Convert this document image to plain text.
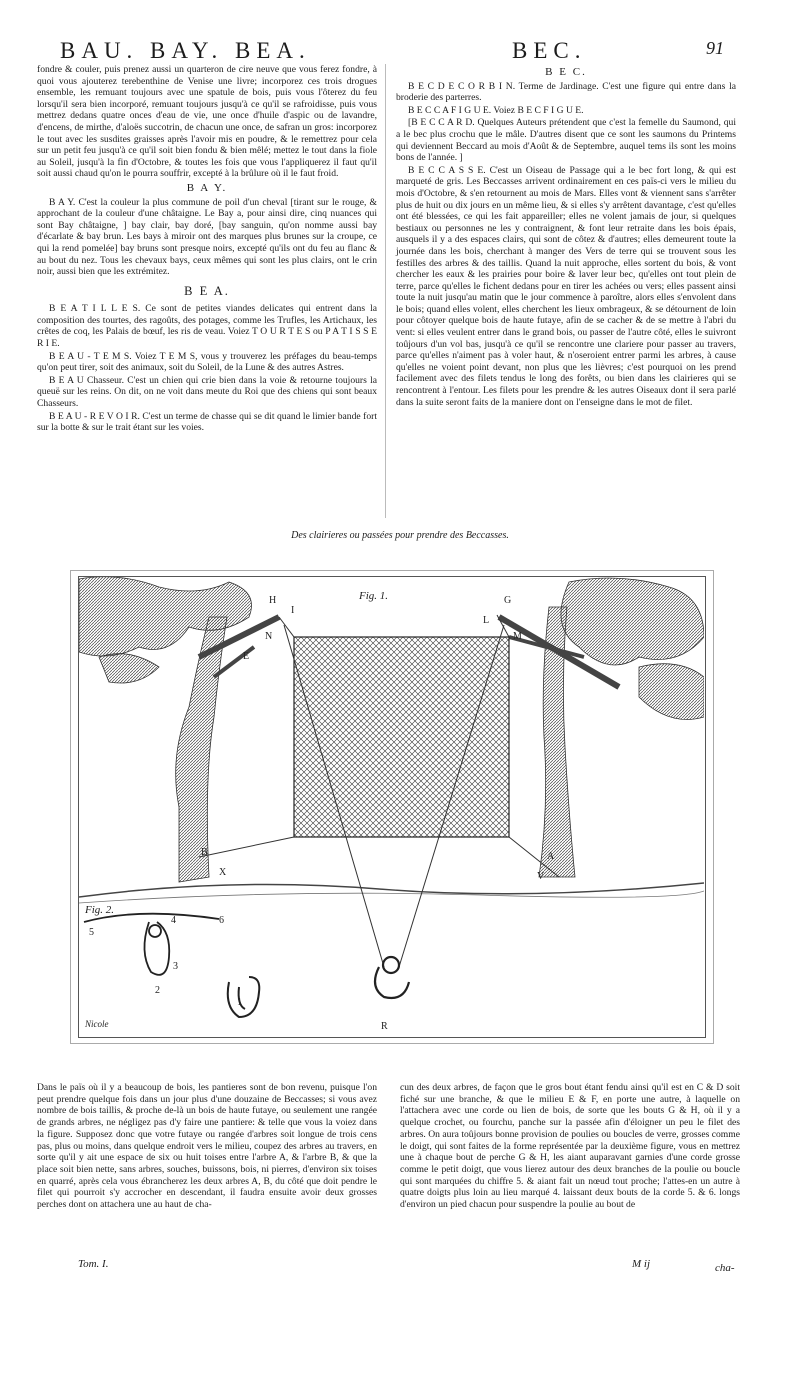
BAU. BAY. BEA.	BEC.	91

fondre & couler, puis prenez aussi un quarteron de cire neuve que vous ferez fondre, à quoi vous ajouterez terebenthine de Venise une livre; incorporez ces trois drogues ensemble, les remuant toujours avec une spatule de bois, puis vous l'ôterez du feu lorsqu'il sera bien incorporé, remuant toujours jusqu'à ce qu'il se rafroidisse, puis vous mettrez dedans quatre onces d'eau de vie, une once d'huile d'aspic ou de lavandre, d'encens, de mirthe, d'aloës succotrin, de chacun une once, de safran un gros: incorporez le tout avec les susdites graisses après l'avoir mis en poudre, & le remettrez pour cela sur un petit feu jusqu'à ce qu'il soit bien fondu & bien mêlé; mettez le tout dans la fiole au Soleil, jusqu'à la fin d'Octobre, & toutes les fois que vous l'appliquerez il faut qu'il soit aussi chaud qu'on le pourra souffrir, excepté à la brûlure où il le faut froid.

B A Y.

B A Y. C'est la couleur la plus commune de poil d'un cheval [tirant sur le rouge, & approchant de la couleur d'une châtaigne. Le Bay a, pour ainsi dire, cinq nuances qui sont Bay châtaigne, ] bay clair, bay doré, [bay sanguin, qu'on nomme aussi bay d'écarlate & bay brun. Les bays à miroir ont des marques plus brunes sur la croupe, ce qui la rend pomelée] bay bruns sont presque noirs, excepté qu'ils ont du feu au flanc & au bout du nez. Tous les chevaux bays, ceux mêmes qui sont les plus clairs, ont le crin noir, aussi bien que les extrémitez.

B E A.

B E A T I L L E S. Ce sont de petites viandes delicates qui entrent dans la composition des tourtes, des ragoûts, des potages, comme les Trufles, les Artichaux, les crêtes de coq, les Palais de bœuf, les ris de veau. Voiez T O U R T E S ou P A T I S S E R I E.

B E A U - T E M S. Voiez T E M S, vous y trouverez les préfages du beau-temps qu'on peut tirer, soit des animaux, soit du Soleil, de la Lune & des autres Astres.

B E A U Chasseur. C'est un chien qui crie bien dans la voie & retourne toujours la queuë sur les reins. On dit, on ne voit dans meute du Roi que des chiens qui sont beaux Chasseurs.

B E A U - R E V O I R. C'est un terme de chasse qui se dit quand le limier bande fort sur la botte & sur le trait étant sur les voies.

B E C.

B E C D E C O R B I N. Terme de Jardinage. C'est une figure qui entre dans la broderie des parterres.

B E C C A F I G U E. Voiez B E C F I G U E.

[B E C C A R D. Quelques Auteurs prétendent que c'est la femelle du Saumond, qui a le bec plus crochu que le mâle. D'autres disent que ce sont les saumons du Printems qui deviennent Beccard au mois d'Août & de Septembre, auquel tems ils sont les moins bons de l'année. ]

B E C C A S S E. C'est un Oiseau de Passage qui a le bec fort long, & qui est marqueté de gris. Les Beccasses arrivent ordinairement en ces païs-ci vers le milieu du mois d'Octobre, & s'en retournent au mois de Mars. Elles vont & viennent sans s'arrêter plus de huit ou dix jours en un même lieu, & si elles s'y arrêtent davantage, c'est qu'elles ont été blessées, ce qui les fait appareiller; elles ne volent jamais de jour, si quelques bestiaux ou personnes ne les y contraignent, & font leur retraite dans les bois épais, ausquels il y a des espaces clairs, qui sont de côtez & d'autres; elles demeurent toute la journée dans les bois, cherchant à manger des Vers de terre qui se trouvent sous les festilles des arbres & des taillis. Quand la nuit approche, elles sortent du bois, & vont chercher les eaux & les prairies pour boire & laver leur bec, qu'elles ont tout plein de terre, parce qu'elles le fichent dedans pour en tirer les achées ou vers; elles passent ainsi toute la nuit jusqu'au matin que le jour commence à paroître, alors elles s'envolent dans le bois; quand elles volent, elles cherchent les lieux ombrageux, & se détournent de loin pour côtoyer quelque bois de haute futaye, afin de se cacher & de se mettre à l'abri du vent: si elles veulent entrer dans le grand bois, ou passer de l'autre côté, elles le suivront toûjours d'un vol bas, jusqu'à ce qu'il se rencontre une clariere pour passer au travers, parce qu'elles n'aiment pas à voler haut, & n'oseroient entrer parmi les arbres, à cause qu'elles ne voient point devant, non plus que les lièvres; c'est pourquoi on les prend facilement avec des filets tendus le long des forêts, ou bien dans les clairieres qui se rencontrent à l'entour. Les filets pour les prendre & les autres Oiseaux dont il sera parlé dans la suite seront faits de la maniere dont on l'enseigne dans le mot de filet.

Des clairieres ou passées pour prendre des Beccasses.
Fig. 1.
Fig. 2.
Nicole
H
I
N
E
G
L
M
B
X
A
V
R
5
4	6
3
2
1
Dans le païs où il y a beaucoup de bois, les pantieres sont de bon revenu, puisque l'on peut prendre quelque fois dans un jour plus d'une douzaine de Beccasses; si vous avez nombre de bois taillis, & proche de-là un bois de haute futaye, ou seulement une rangée de grands arbres, ne négligez pas d'y faire une pantiere: & telle que vous la voiez dans la figure. Supposez donc que votre futaye ou rangée d'arbres soit longue de trois cens pas, plus ou moins, dans quelque endroit vers le milieu, coupez des arbres au travers, en sorte qu'il y ait une espace de six ou huit toises entre l'arbre A, & l'arbre B, & que la place soit bien nette, sans arbres, souches, buissons, bois, ni pierres, d'environ six toises en quarré, après cela vous ébrancherez les deux arbres A, B, du côté que doit pendre le filet qui pourroit s'y accrocher en descendant, il faudra ensuite avoir deux grosses perches dont on attachera une au haut de cha-
cun des deux arbres, de façon que le gros bout étant fendu ainsi qu'il est en C & D soit fiché sur une branche, & que le milieu E & F, en porte une autre, à laquelle on l'attachera avec une corde ou lien de bois, de sorte que les bouts G & H, où il y a quelque crochet, ou fourchu, panche sur la passée afin d'éloigner un peu le filet des arbres. On aura toûjours bonne provision de poulies ou boucles de verre, grosses comme le doigt, qui sont faites de la forme représentée par la deuxième figure, vous en mettrez une à chaque bout de perche G & H, les aiant auparavant garnies d'une corde grosse comme le petit doigt, que vous lierez autour des deux branches de la poulie ou boucle qui sont marquées du chiffre 5. & aiant fait un nœud tout proche; l'attes-en un autre à quatre doigts plus loin au lieu marqué 4. laissant deux bouts de la corde 5. & 6. longs d'environ un pied chacun pour suspendre la poulie au bout de
Tom. I.	M ij	cha-
